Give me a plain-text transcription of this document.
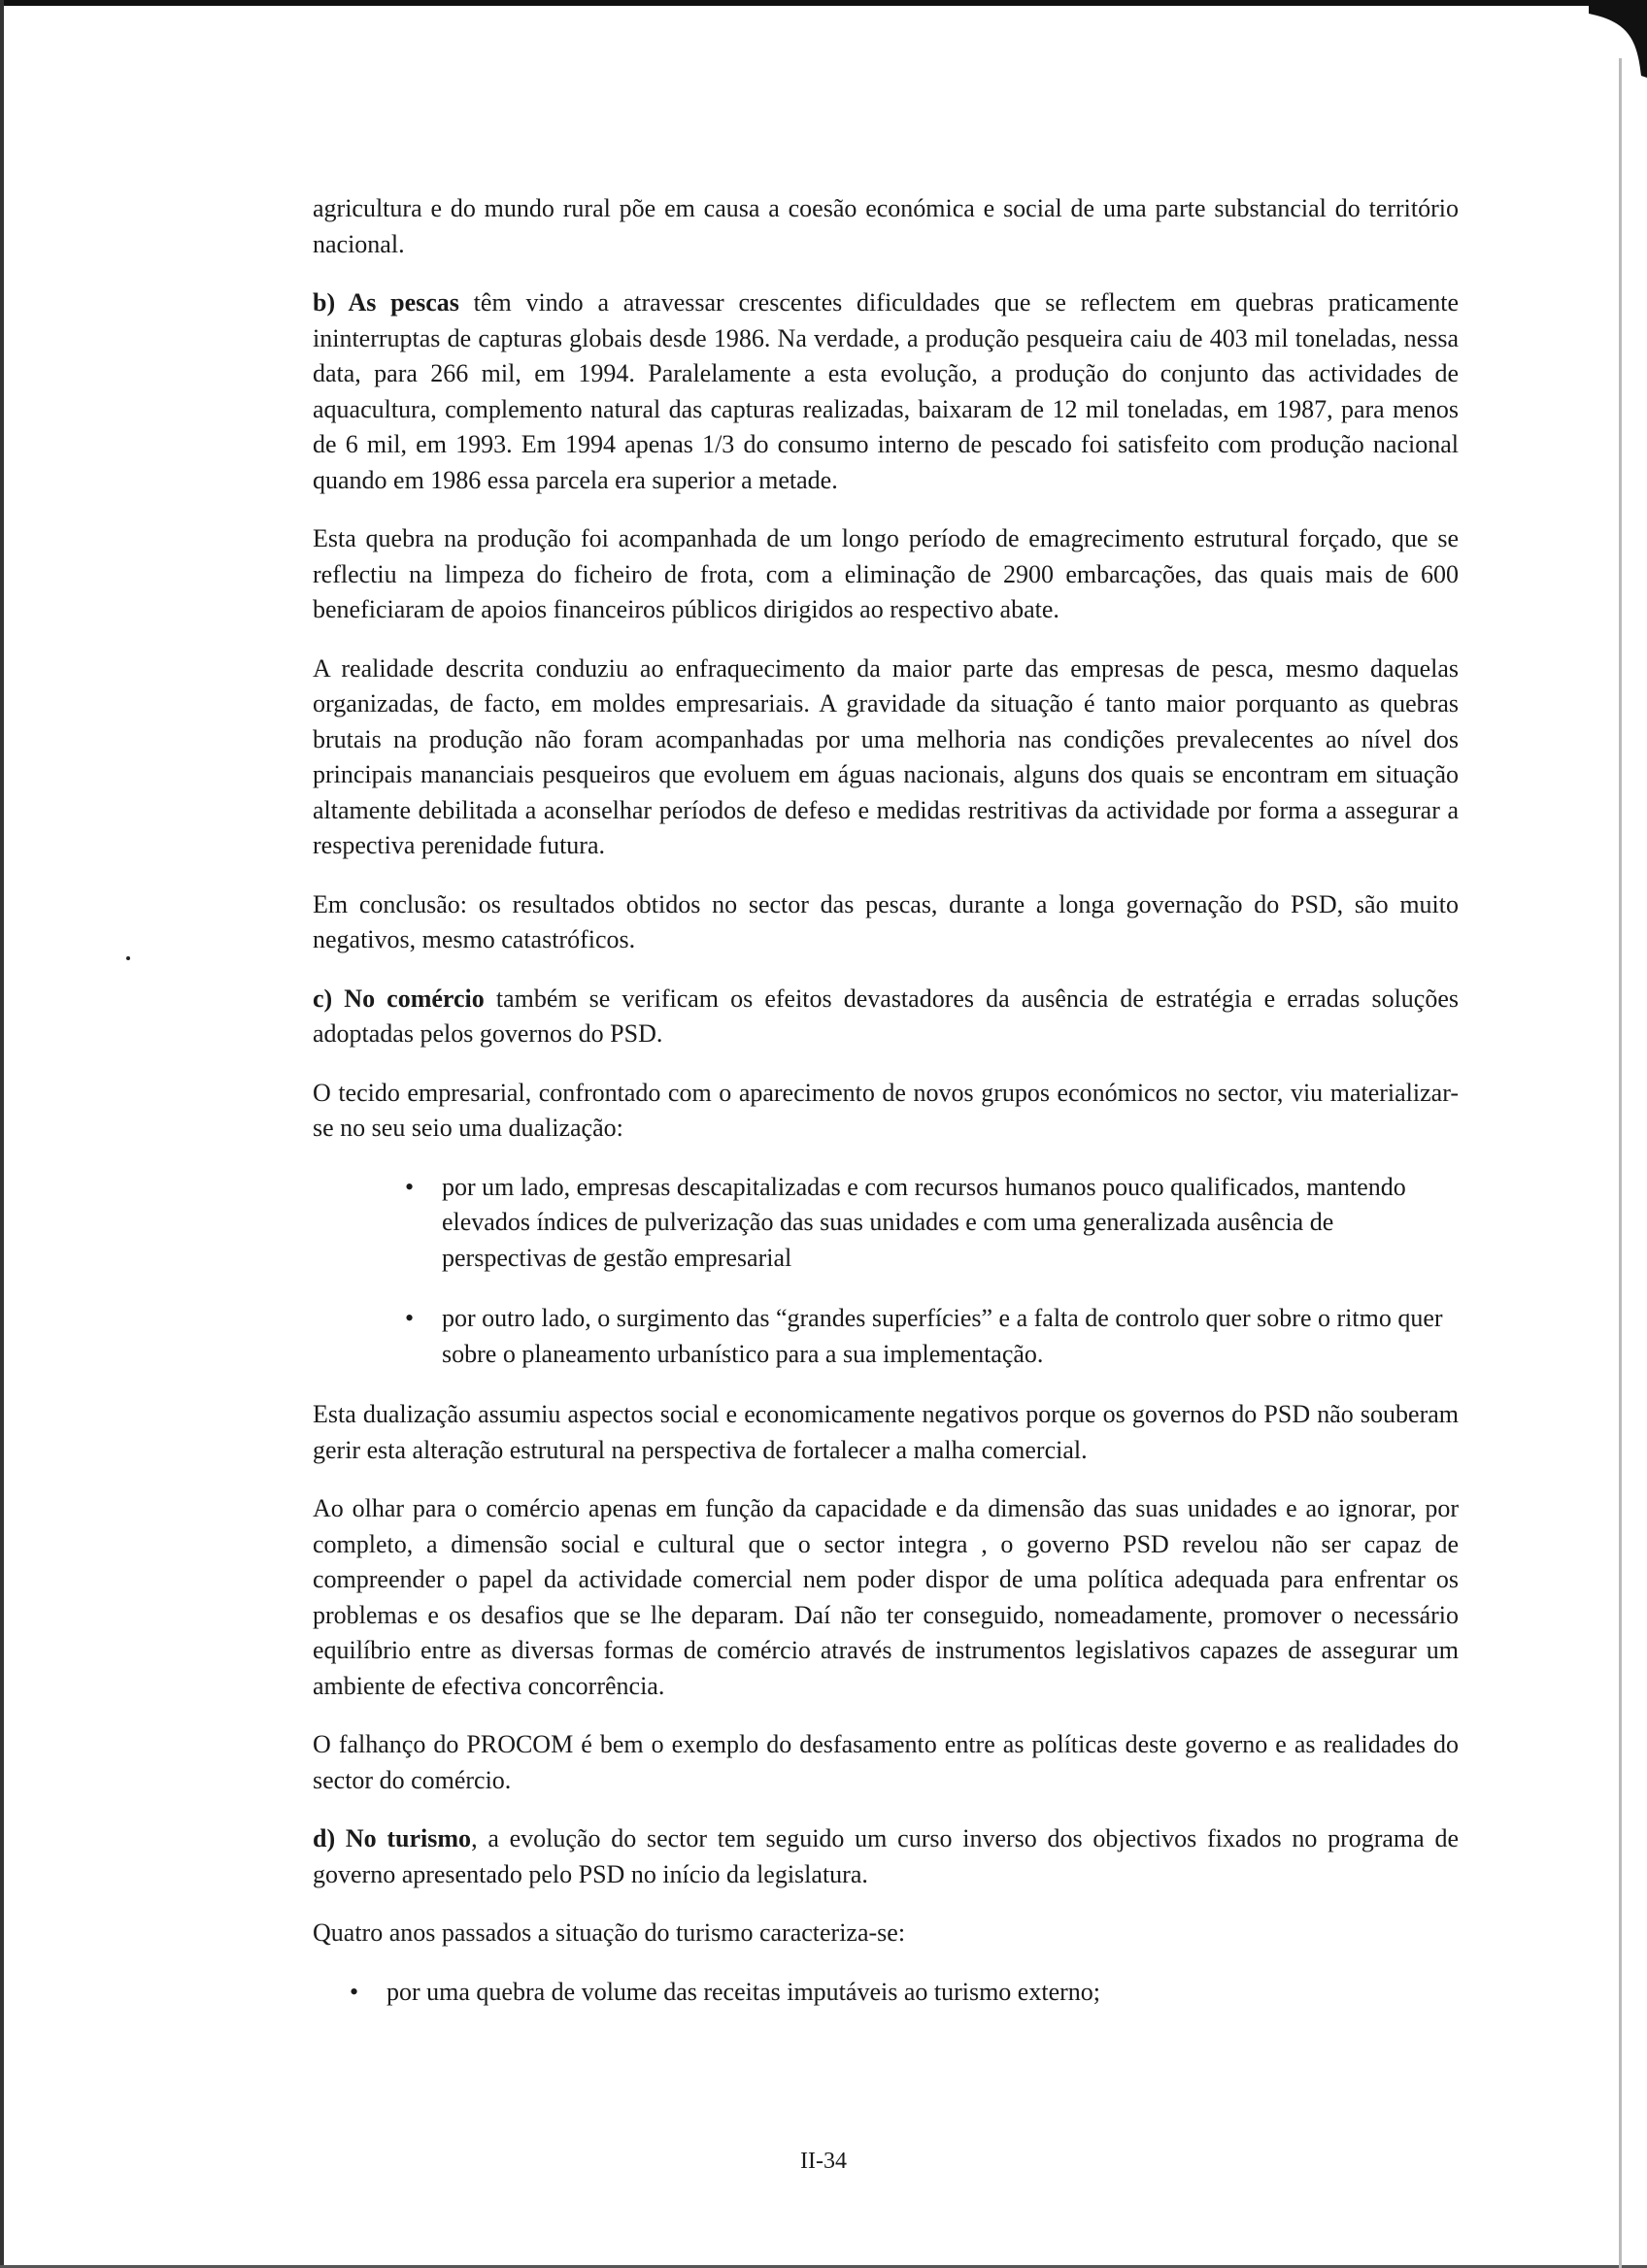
agricultura e do mundo rural põe em causa a coesão económica e social de uma parte substancial do território nacional.

b) As pescas têm vindo a atravessar crescentes dificuldades que se reflectem em quebras praticamente ininterruptas de capturas globais desde 1986. Na verdade, a produção pesqueira caiu de 403 mil toneladas, nessa data, para 266 mil, em 1994. Paralelamente a esta evolução, a produção do conjunto das actividades de aquacultura, complemento natural das capturas realizadas, baixaram de 12 mil toneladas, em 1987, para menos de 6 mil, em 1993. Em 1994 apenas 1/3 do consumo interno de pescado foi satisfeito com produção nacional quando em 1986 essa parcela era superior a metade.

Esta quebra na produção foi acompanhada de um longo período de emagrecimento estrutural forçado, que se reflectiu na limpeza do ficheiro de frota, com a eliminação de 2900 embarcações, das quais mais de 600 beneficiaram de apoios financeiros públicos dirigidos ao respectivo abate.

A realidade descrita conduziu ao enfraquecimento da maior parte das empresas de pesca, mesmo daquelas organizadas, de facto, em moldes empresariais. A gravidade da situação é tanto maior porquanto as quebras brutais na produção não foram acompanhadas por uma melhoria nas condições prevalecentes ao nível dos principais mananciais pesqueiros que evoluem em águas nacionais, alguns dos quais se encontram em situação altamente debilitada a aconselhar períodos de defeso e medidas restritivas da actividade por forma a assegurar a respectiva perenidade futura.

Em conclusão: os resultados obtidos no sector das pescas, durante a longa governação do PSD, são muito negativos, mesmo catastróficos.

c) No comércio também se verificam os efeitos devastadores da ausência de estratégia e erradas soluções adoptadas pelos governos do PSD.

O tecido empresarial, confrontado com o aparecimento de novos grupos económicos no sector, viu materializar-se no seu seio uma dualização:

• por um lado, empresas descapitalizadas e com recursos humanos pouco qualificados, mantendo elevados índices de pulverização das suas unidades e com uma generalizada ausência de perspectivas de gestão empresarial
• por outro lado, o surgimento das “grandes superfícies” e a falta de controlo quer sobre o ritmo quer sobre o planeamento urbanístico para a sua implementação.

Esta dualização assumiu aspectos social e economicamente negativos porque os governos do PSD não souberam gerir esta alteração estrutural na perspectiva de fortalecer a malha comercial.

Ao olhar para o comércio apenas em função da capacidade e da dimensão das suas unidades e ao ignorar, por completo, a dimensão social e cultural que o sector integra , o governo PSD revelou não ser capaz de compreender o papel da actividade comercial nem poder dispor de uma política adequada para enfrentar os problemas e os desafios que se lhe deparam. Daí não ter conseguido, nomeadamente, promover o necessário equilíbrio entre as diversas formas de comércio através de instrumentos legislativos capazes de assegurar um ambiente de efectiva concorrência.

O falhanço do PROCOM é bem o exemplo do desfasamento entre as políticas deste governo e as realidades do sector do comércio.

d) No turismo, a evolução do sector tem seguido um curso inverso dos objectivos fixados no programa de governo apresentado pelo PSD no início da legislatura.

Quatro anos passados a situação do turismo caracteriza-se:

• por uma quebra de volume das receitas imputáveis ao turismo externo;
II-34
